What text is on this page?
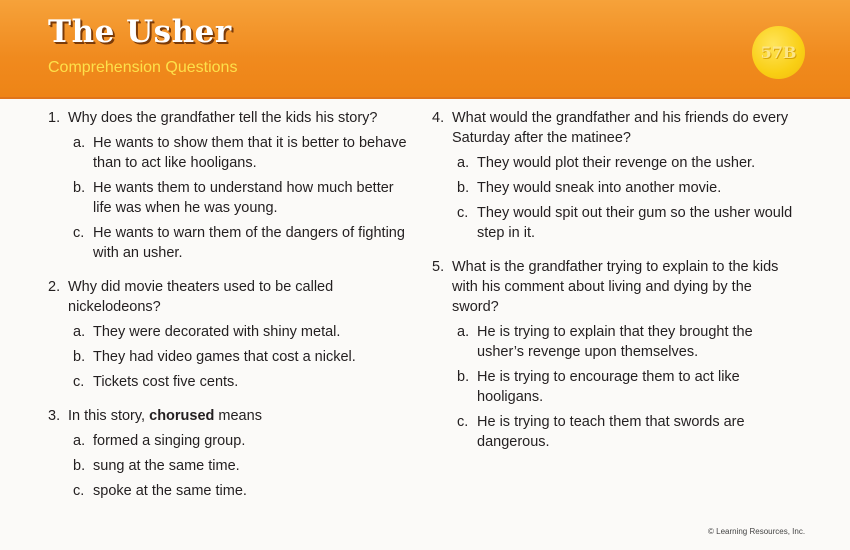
The Usher
Comprehension Questions
57B
1. Why does the grandfather tell the kids his story?
a. He wants to show them that it is better to behave than to act like hooligans.
b. He wants them to understand how much better life was when he was young.
c. He wants to warn them of the dangers of fighting with an usher.
2. Why did movie theaters used to be called nickelodeons?
a. They were decorated with shiny metal.
b. They had video games that cost a nickel.
c. Tickets cost five cents.
3. In this story, chorused means
a. formed a singing group.
b. sung at the same time.
c. spoke at the same time.
4. What would the grandfather and his friends do every Saturday after the matinee?
a. They would plot their revenge on the usher.
b. They would sneak into another movie.
c. They would spit out their gum so the usher would step in it.
5. What is the grandfather trying to explain to the kids with his comment about living and dying by the sword?
a. He is trying to explain that they brought the usher’s revenge upon themselves.
b. He is trying to encourage them to act like hooligans.
c. He is trying to teach them that swords are dangerous.
© Learning Resources, Inc.
